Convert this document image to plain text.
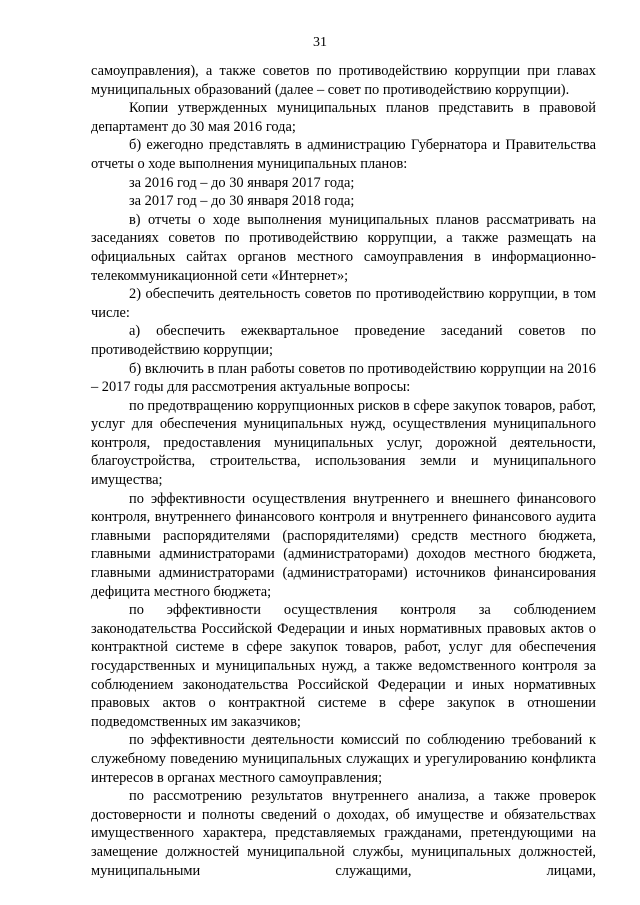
31

самоуправления), а также советов по противодействию коррупции при главах муниципальных образований (далее – совет по противодействию коррупции).

Копии утвержденных муниципальных планов представить в правовой департамент до 30 мая 2016 года;

б) ежегодно представлять в администрацию Губернатора и Правительства отчеты о ходе выполнения муниципальных планов:

за 2016 год – до 30 января 2017 года;

за 2017 год – до 30 января 2018 года;

в) отчеты о ходе выполнения муниципальных планов рассматривать на заседаниях советов по противодействию коррупции, а также размещать на официальных сайтах органов местного самоуправления в информационно-телекоммуникационной сети «Интернет»;

2) обеспечить деятельность советов по противодействию коррупции, в том числе:

а) обеспечить ежеквартальное проведение заседаний советов по противодействию коррупции;

б) включить в план работы советов по противодействию коррупции на 2016 – 2017 годы для рассмотрения актуальные вопросы:

по предотвращению коррупционных рисков в сфере закупок товаров, работ, услуг для обеспечения муниципальных нужд, осуществления муниципального контроля, предоставления муниципальных услуг, дорожной деятельности, благоустройства, строительства, использования земли и муниципального имущества;

по эффективности осуществления внутреннего и внешнего финансового контроля, внутреннего финансового контроля и внутреннего финансового аудита главными распорядителями (распорядителями) средств местного бюджета, главными администраторами (администраторами) доходов местного бюджета, главными администраторами (администраторами) источников финансирования дефицита местного бюджета;

по эффективности осуществления контроля за соблюдением законодательства Российской Федерации и иных нормативных правовых актов о контрактной системе в сфере закупок товаров, работ, услуг для обеспечения государственных и муниципальных нужд, а также ведомственного контроля за соблюдением законодательства Российской Федерации и иных нормативных правовых актов о контрактной системе в сфере закупок в отношении подведомственных им заказчиков;

по эффективности деятельности комиссий по соблюдению требований к служебному поведению муниципальных служащих и урегулированию конфликта интересов в органах местного самоуправления;

по рассмотрению результатов внутреннего анализа, а также проверок достоверности и полноты сведений о доходах, об имуществе и обязательствах имущественного характера, представляемых гражданами, претендующими на замещение должностей муниципальной службы, муниципальных должностей, муниципальными служащими, лицами,
